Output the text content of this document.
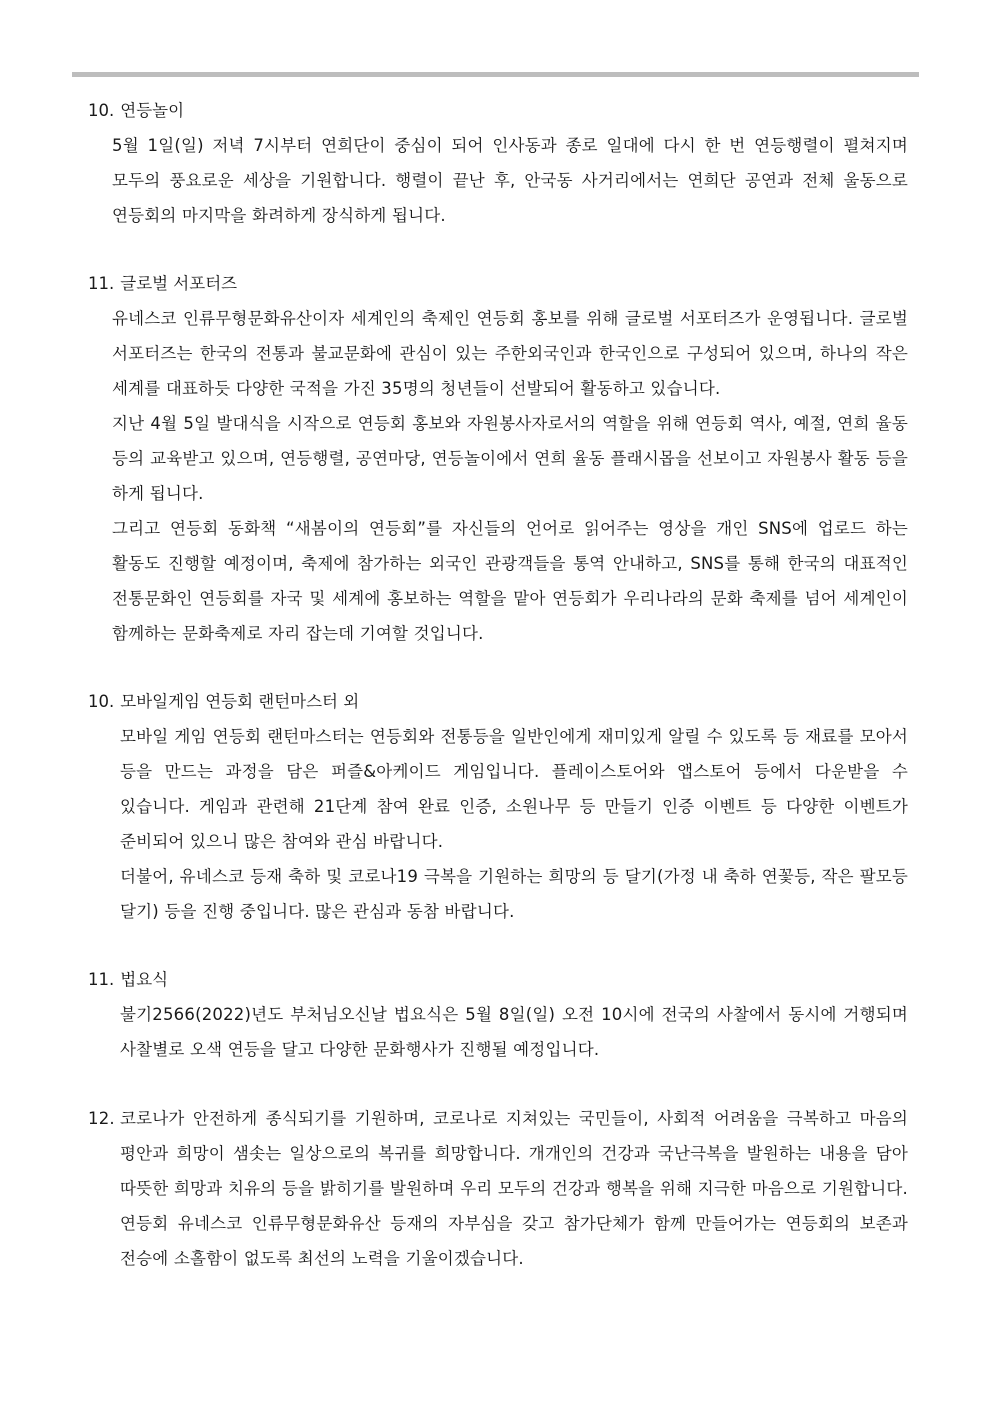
10. 연등놀이

5월 1일(일) 저녁 7시부터 연희단이 중심이 되어 인사동과 종로 일대에 다시 한 번 연등행렬이 펼쳐지며 모두의 풍요로운 세상을 기원합니다. 행렬이 끝난 후, 안국동 사거리에서는 연희단 공연과 전체 울동으로 연등회의 마지막을 화려하게 장식하게 됩니다.

11. 글로벌 서포터즈

유네스코 인류무형문화유산이자 세계인의 축제인 연등회 홍보를 위해 글로벌 서포터즈가 운영됩니다. 글로벌 서포터즈는 한국의 전통과 불교문화에 관심이 있는 주한외국인과 한국인으로 구성되어 있으며, 하나의 작은 세계를 대표하듯 다양한 국적을 가진 35명의 청년들이 선발되어 활동하고 있습니다.

지난 4월 5일 발대식을 시작으로 연등회 홍보와 자원봉사자로서의 역할을 위해 연등회 역사, 예절, 연희 율동 등의 교육받고 있으며, 연등행렬, 공연마당, 연등놀이에서 연희 율동 플래시몹을 선보이고 자원봉사 활동 등을 하게 됩니다.

그리고 연등회 동화책 “새봄이의 연등회”를 자신들의 언어로 읽어주는 영상을 개인 SNS에 업로드 하는 활동도 진행할 예정이며, 축제에 참가하는 외국인 관광객들을 통역 안내하고, SNS를 통해 한국의 대표적인 전통문화인 연등회를 자국 및 세계에 홍보하는 역할을 맡아 연등회가 우리나라의 문화 축제를 넘어 세계인이 함께하는 문화축제로 자리 잡는데 기여할 것입니다.

10. 모바일게임 연등회 랜턴마스터 외

모바일 게임 연등회 랜턴마스터는 연등회와 전통등을 일반인에게 재미있게 알릴 수 있도록 등 재료를 모아서 등을 만드는 과정을 담은 퍼즐&아케이드 게임입니다. 플레이스토어와 앱스토어 등에서 다운받을 수 있습니다. 게임과 관련해 21단계 참여 완료 인증, 소원나무 등 만들기 인증 이벤트 등 다양한 이벤트가 준비되어 있으니 많은 참여와 관심 바랍니다.

더불어, 유네스코 등재 축하 및 코로나19 극복을 기원하는 희망의 등 달기(가정 내 축하 연꽃등, 작은 팔모등 달기) 등을 진행 중입니다. 많은 관심과 동참 바랍니다.

11. 법요식

불기2566(2022)년도 부처님오신날 법요식은 5월 8일(일) 오전 10시에 전국의 사찰에서 동시에 거행되며 사찰별로 오색 연등을 달고 다양한 문화행사가 진행될 예정입니다.

12. 코로나가 안전하게 종식되기를 기원하며, 코로나로 지쳐있는 국민들이, 사회적 어려움을 극복하고 마음의 평안과 희망이 샘솟는 일상으로의 복귀를 희망합니다. 개개인의 건강과 국난극복을 발원하는 내용을 담아 따뜻한 희망과 치유의 등을 밝히기를 발원하며 우리 모두의 건강과 행복을 위해 지극한 마음으로 기원합니다. 연등회 유네스코 인류무형문화유산 등재의 자부심을 갖고 참가단체가 함께 만들어가는 연등회의 보존과 전승에 소홀함이 없도록 최선의 노력을 기울이겠습니다.
